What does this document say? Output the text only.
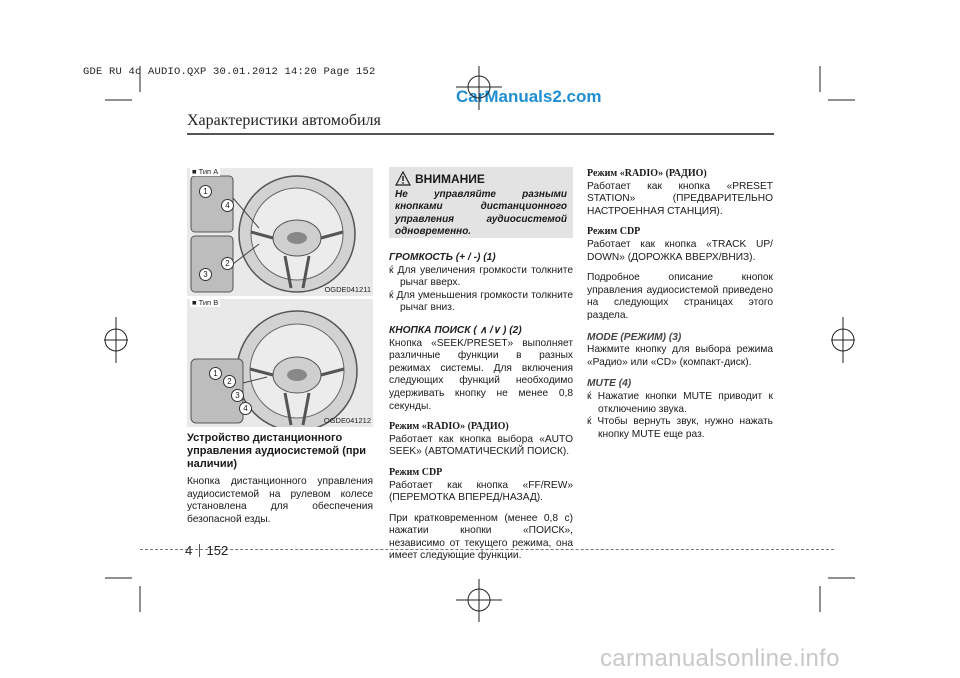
GDE RU 4c AUDIO.QXP 30.01.2012 14:20 Page 152
CarManuals2.com
carmanualsonline.info
Характеристики автомобиля
■ Тип A
1
4
3
2
OGDE041211
■ Тип B
1
2
3
4
OGDE041212

Устройство дистанционного управления аудиосистемой (при наличии)

Кнопка дистанционного управления аудиосистемой на рулевом колесе установлена для обеспечения безопасной езды.

ВНИМАНИЕ
Не управляйте разными кнопками дистанционного управления аудиосистемой одновременно.

ГРОМКОСТЬ (+ / -) (1)

ќ Для увеличения громкости толкните рычаг вверх.

ќ Для уменьшения громкости толкните рычаг вниз.

КНОПКА ПОИСК ( ∧ /∨ ) (2)

Кнопка «SEEK/PRESET» выполняет различные функции в разных режимах системы. Для включения следующих функций необходимо удерживать кнопку не менее 0,8 секунды.

Режим «RADIO» (РАДИО)

Работает как кнопка выбора «AUTO SEEK» (АВТОМАТИЧЕСКИЙ ПОИСК).

Режим CDP

Работает как кнопка «FF/REW» (ПЕРЕМОТКА ВПЕРЕД/НАЗАД).

При кратковременном (менее 0,8 с) нажатии кнопки «ПОИСК», независимо от текущего режима, она имеет следующие функции.

Режим «RADIO» (РАДИО)

Работает как кнопка «PRESET STATION» (ПРЕДВАРИТЕЛЬНО НАСТРОЕННАЯ СТАНЦИЯ).

Режим CDP

Работает как кнопка «TRACK UP/ DOWN» (ДОРОЖКА ВВЕРХ/ВНИЗ).

Подробное описание кнопок управления аудиосистемой приведено на следующих страницах этого раздела.

MODE (РЕЖИМ) (3)

Нажмите кнопку для выбора режима «Радио» или «CD» (компакт-диск).

MUTE (4)

ќ Нажатие кнопки MUTE приводит к отключению звука.

ќ Чтобы вернуть звук, нужно нажать кнопку MUTE еще раз.

4 152
